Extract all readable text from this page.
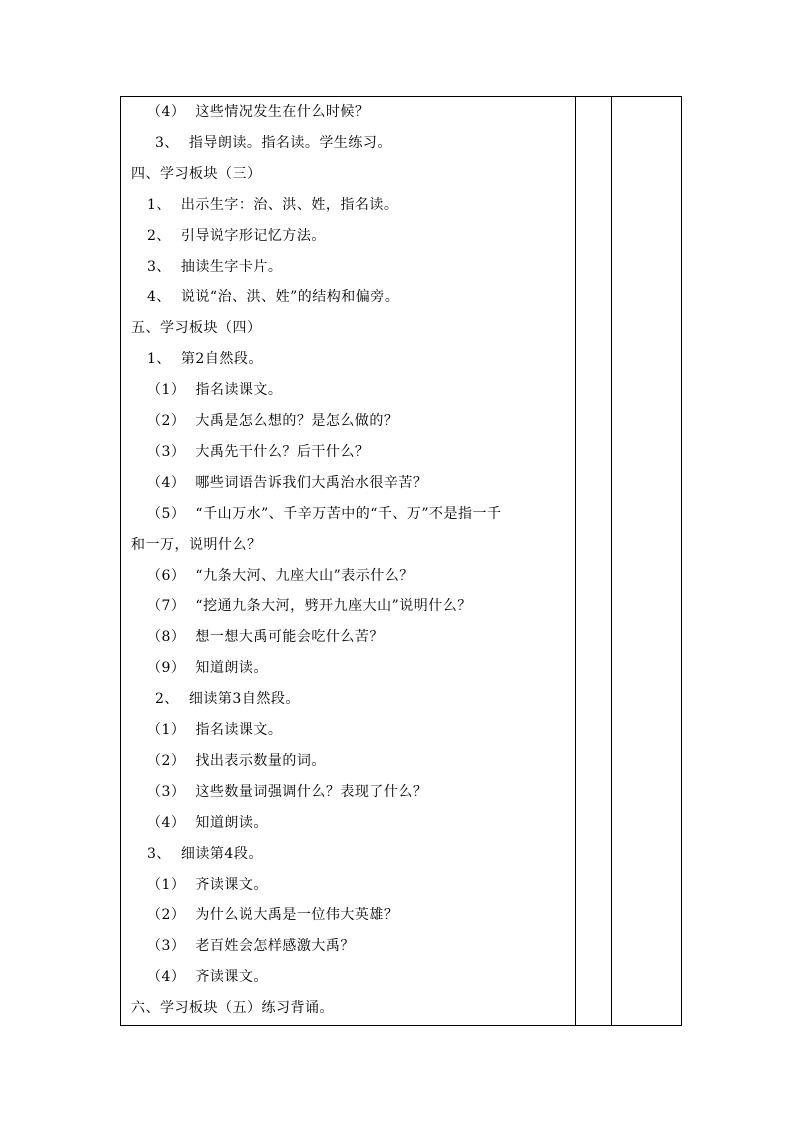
（4） 这些情况发生在什么时候？
3、 指导朗读。指名读。学生练习。
四、学习板块（三）
1、 出示生字：治、洪、姓，指名读。
2、 引导说字形记忆方法。
3、 抽读生字卡片。
4、 说说“治、洪、姓”的结构和偏旁。
五、学习板块（四）
1、 第2自然段。
（1） 指名读课文。
（2） 大禹是怎么想的？是怎么做的？
（3） 大禹先干什么？后干什么？
（4） 哪些词语告诉我们大禹治水很辛苦？
（5） “千山万水”、千辛万苦中的“千、万”不是指一千
和一万，说明什么？
（6） “九条大河、九座大山”表示什么？
（7） “挖通九条大河，劈开九座大山”说明什么？
（8） 想一想大禹可能会吃什么苦？
（9） 知道朗读。
2、 细读第3自然段。
（1） 指名读课文。
（2） 找出表示数量的词。
（3） 这些数量词强调什么？表现了什么？
（4） 知道朗读。
3、 细读第4段。
（1） 齐读课文。
（2） 为什么说大禹是一位伟大英雄？
（3） 老百姓会怎样感激大禹？
（4） 齐读课文。
六、学习板块（五）练习背诵。
